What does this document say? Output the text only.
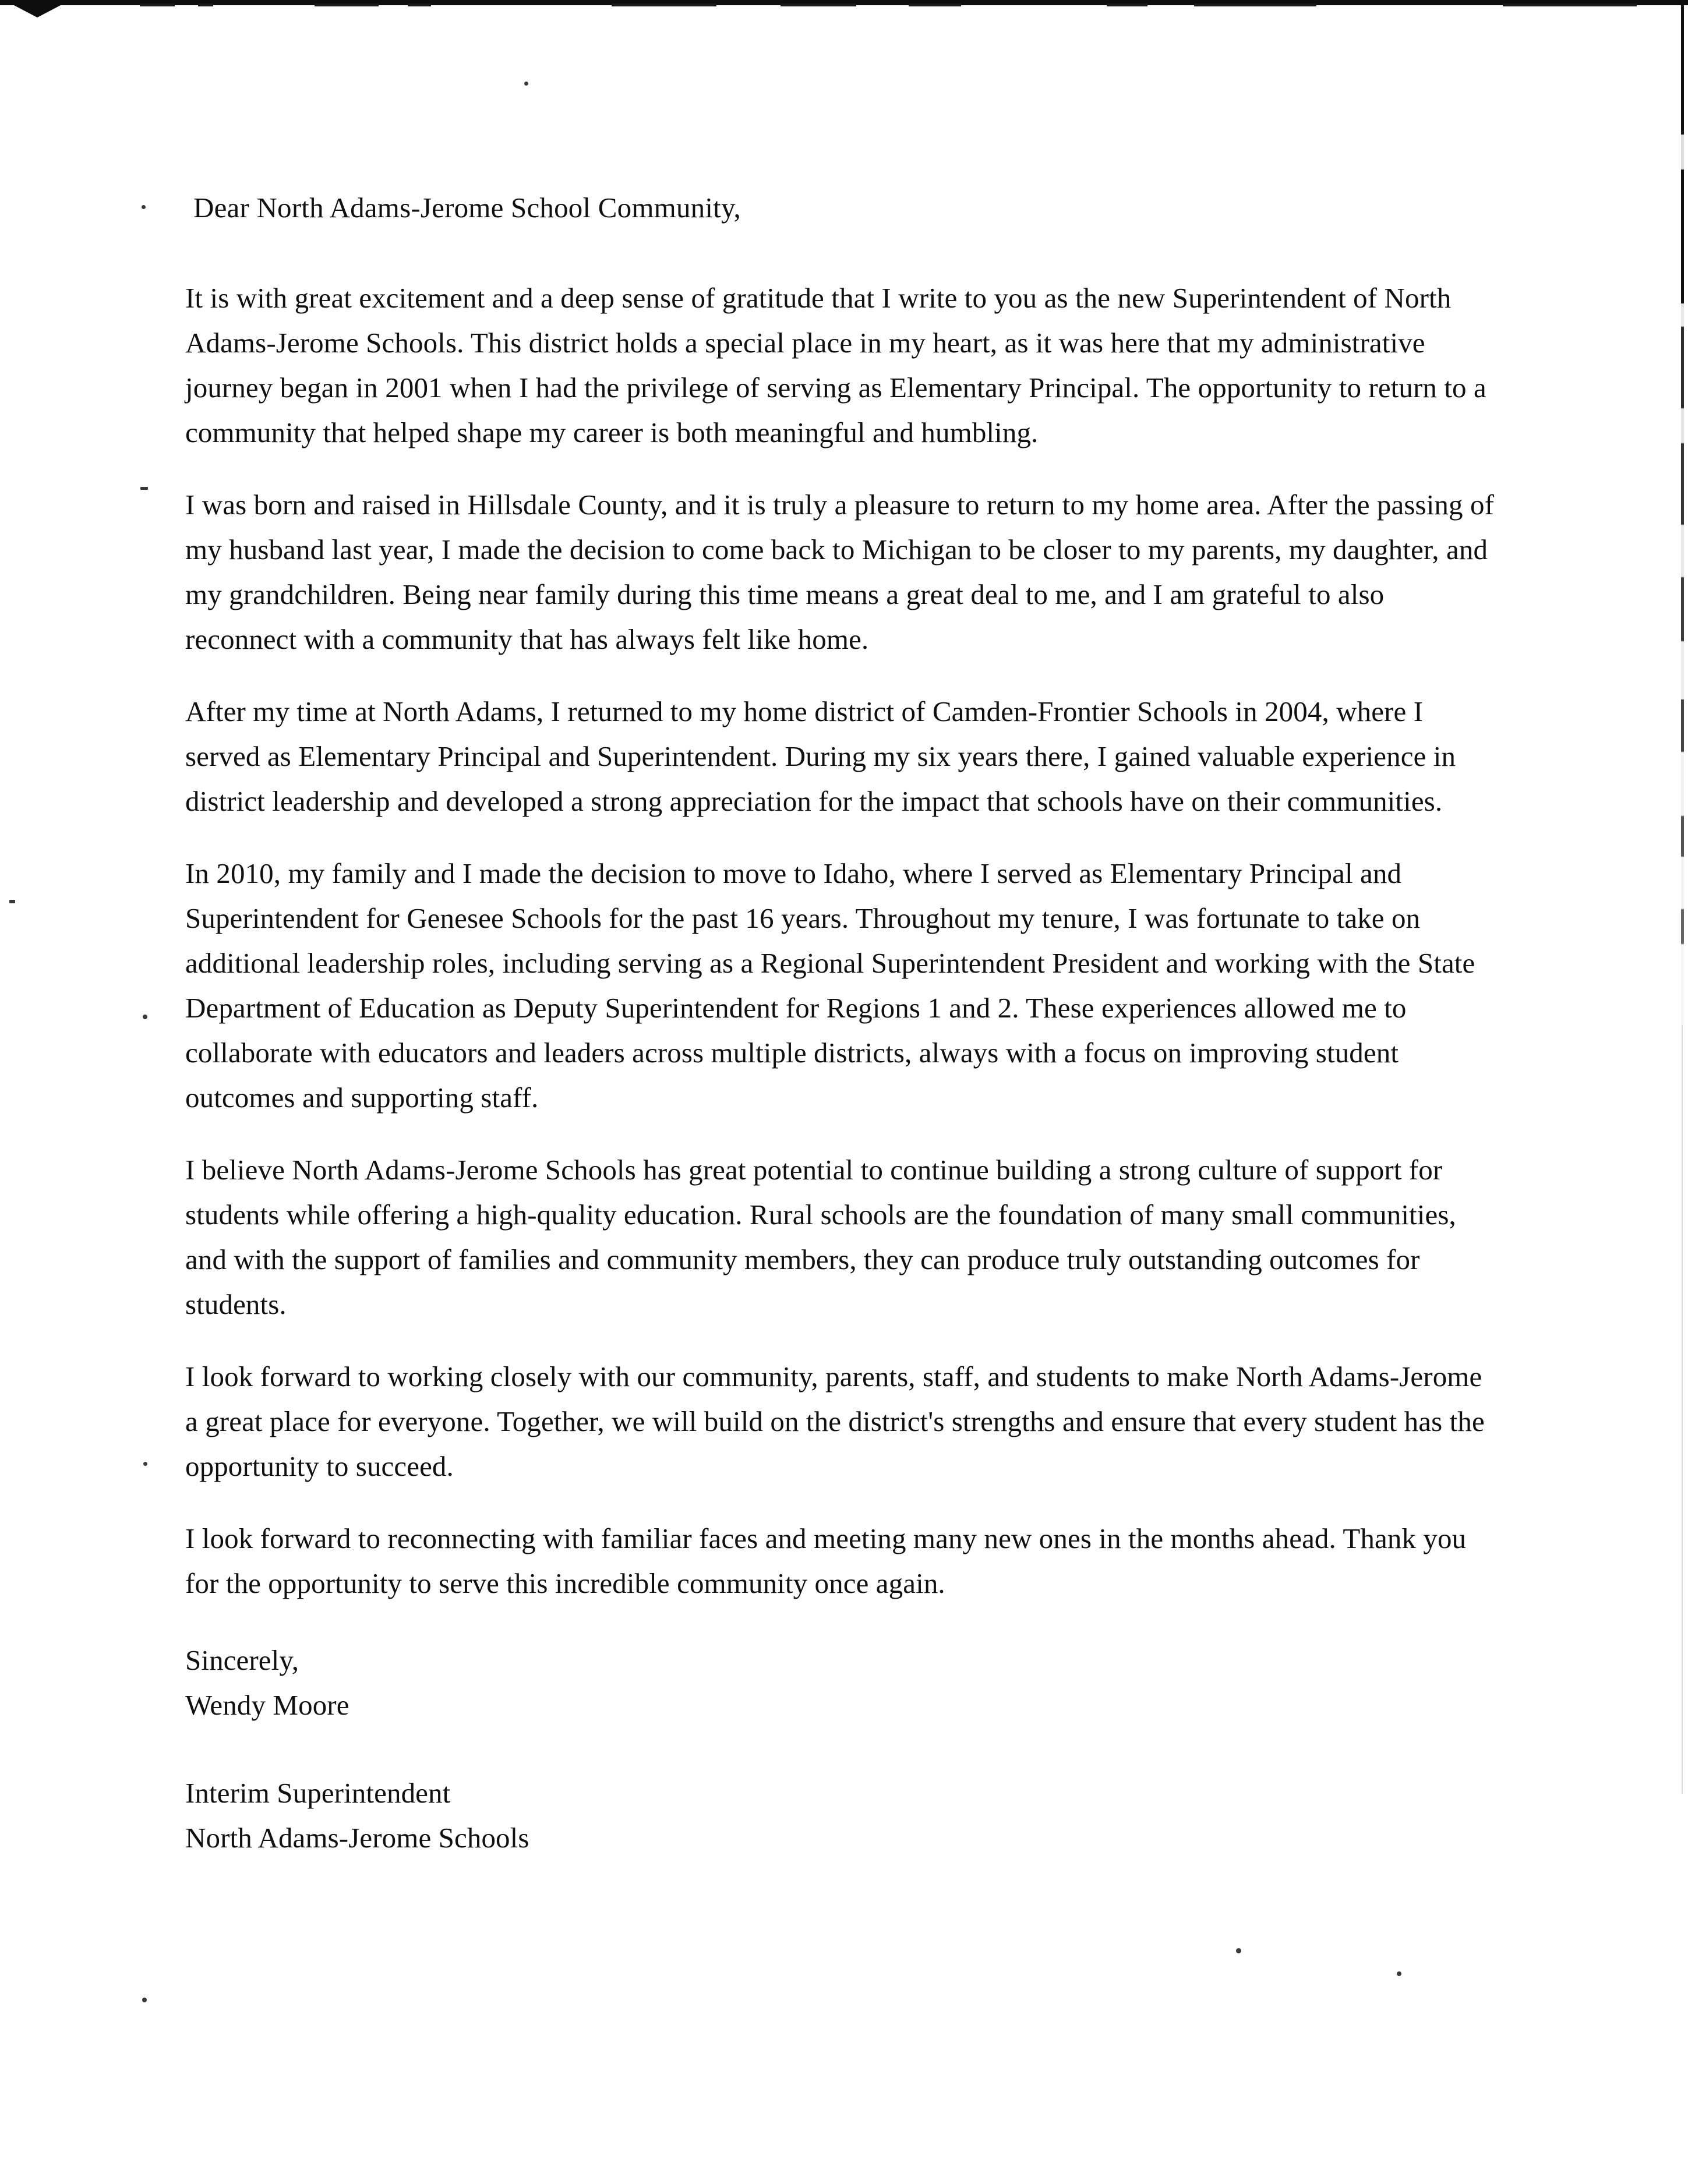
Dear North Adams-Jerome School Community,

It is with great excitement and a deep sense of gratitude that I write to you as the new Superintendent of North Adams-Jerome Schools. This district holds a special place in my heart, as it was here that my administrative journey began in 2001 when I had the privilege of serving as Elementary Principal. The opportunity to return to a community that helped shape my career is both meaningful and humbling.

I was born and raised in Hillsdale County, and it is truly a pleasure to return to my home area. After the passing of my husband last year, I made the decision to come back to Michigan to be closer to my parents, my daughter, and my grandchildren. Being near family during this time means a great deal to me, and I am grateful to also reconnect with a community that has always felt like home.

After my time at North Adams, I returned to my home district of Camden-Frontier Schools in 2004, where I served as Elementary Principal and Superintendent. During my six years there, I gained valuable experience in district leadership and developed a strong appreciation for the impact that schools have on their communities.

In 2010, my family and I made the decision to move to Idaho, where I served as Elementary Principal and Superintendent for Genesee Schools for the past 16 years. Throughout my tenure, I was fortunate to take on additional leadership roles, including serving as a Regional Superintendent President and working with the State Department of Education as Deputy Superintendent for Regions 1 and 2. These experiences allowed me to collaborate with educators and leaders across multiple districts, always with a focus on improving student outcomes and supporting staff.

I believe North Adams-Jerome Schools has great potential to continue building a strong culture of support for students while offering a high-quality education. Rural schools are the foundation of many small communities, and with the support of families and community members, they can produce truly outstanding outcomes for students.

I look forward to working closely with our community, parents, staff, and students to make North Adams-Jerome a great place for everyone. Together, we will build on the district's strengths and ensure that every student has the opportunity to succeed.

I look forward to reconnecting with familiar faces and meeting many new ones in the months ahead. Thank you for the opportunity to serve this incredible community once again.

Sincerely,
Wendy Moore
Interim Superintendent
North Adams-Jerome Schools
